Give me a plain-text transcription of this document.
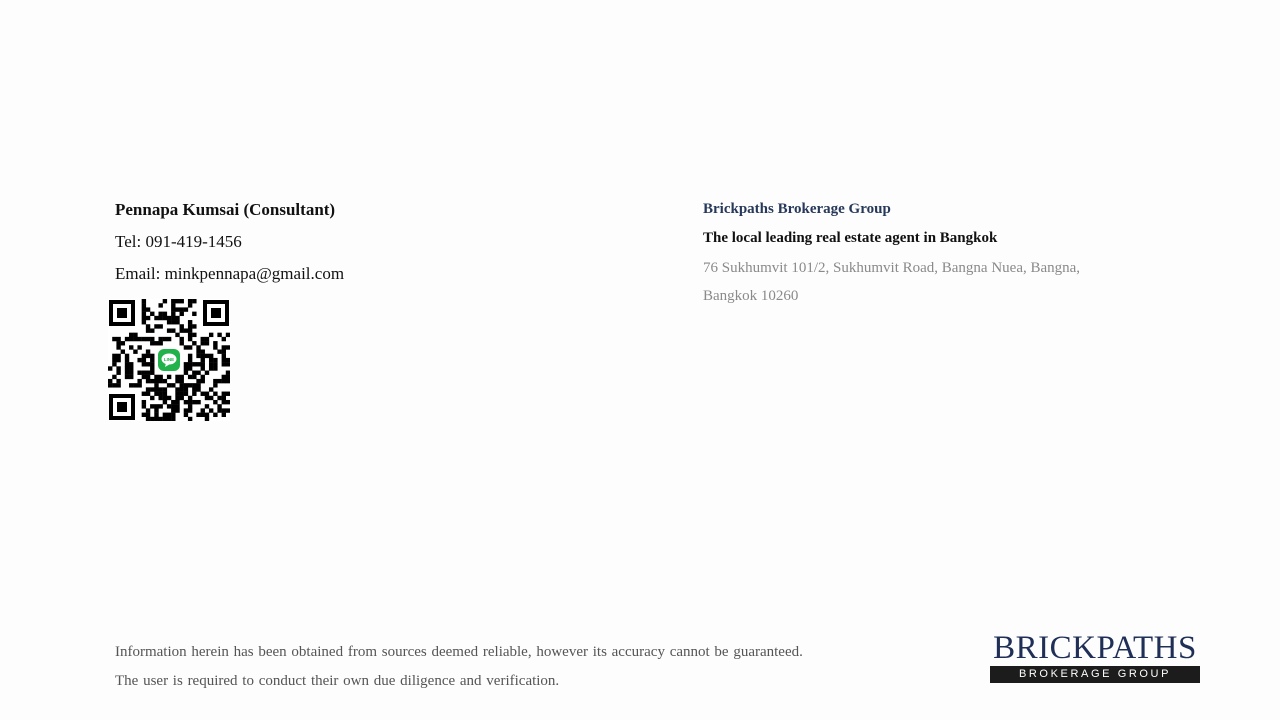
Pennapa Kumsai (Consultant)
Tel: 091-419-1456
Email: minkpennapa@gmail.com
LINE
Brickpaths Brokerage Group
The local leading real estate agent in Bangkok
76 Sukhumvit 101/2, Sukhumvit Road, Bangna Nuea, Bangna, Bangkok 10260
Information herein has been obtained from sources deemed reliable, however its accuracy cannot be guaranteed.
The user is required to conduct their own due diligence and verification.
BRICKPATHS
BROKERAGE GROUP
